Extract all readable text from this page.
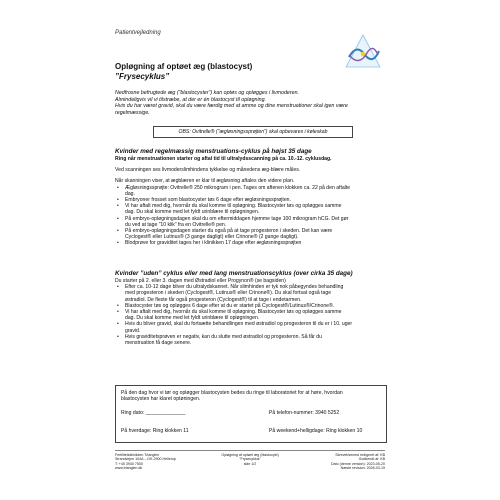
Patientvejledning
Opløgning af optøet æg (blastocyst)
”Frysecyklus”
Nedfrosne befrugtede æg (”blastocyster”) kan optøs og opløgges i livmoderen.
Almindeligvis vil vi tilstræbe, at der er én blastocyst til opløgning.
Hvis du har været gravid, skal du være færdig med at amme og dine menstruationer skal igen være
regelmæssige.
OBS: Ovitrelle® (”ægløsningssprøjten”) skal opbevares i køleskab
Kvinder med regelmæssig menstruations-cyklus på højst 35 dage
Ring når menstruationen starter og aftal tid til ultralydsscanning på ca. 10.-12. cyklusdag.
Ved scanningen ses livmoderslimhindens tykkelse og månedens æg-blære måles.
Når skanningen viser, at ægblæren er klar til ægløsning aftales den videre plan.
• Ægløsningssprøjte: Ovitrelle® 250 mikrogram i pen. Tages om aftenen klokken ca. 22 på den aftalte
dag.
• Embryoner frosset som blastocyster tøs 6 dage efter ægløsningssprøjten.
• Vi har aftalt med dig, hvornår du skal komme til opløgning. Blastocyster tøs og opløgges samme
dag. Du skal komme med let fyldt urinblære til opløgningen.
• På embryo-opløgningsdagen skal du om eftermiddagen hjemme tage 100 mikrogram hCG. Det gør
du ved at tage ”10 klik” fra en Ovitrelle® pen.
• På embryo-opløgningsdagen starter du også på at tage progesteron i skeden. Det kan være
Cyclogest® eller Lutinus® (3 gange dagligt) eller Crinone® (2 gange dagligt).
• Blodprøve for graviditet tages her i klinikken 17 dage efter ægløsningssprøjten
Kvinder ”uden” cyklus eller med lang menstruationscyklus (over cirka 35 dage)
Du starter på 2. eller 3. dagen med Østradiol eller Progynon® (se bagsiden)
• Efter ca. 10-12 dage bliver du ultralydskannet. Når slimhinden er tyk nok påbegyndes behandling
med progesteron i skeden (Cyclogest®, Lutinus® eller Crinone®). Du skal fortsat også tage
østradiol. De fleste får også progesteron (Cyclogest®) til at tage i endetarmen.
• Blastocyster tøs og opløgges 6 dage efter at du er startet på Cyclogest®/Lutinus®/Crinone®.
• Vi har aftalt med dig, hvornår du skal komme til opløgning. Blastocyster tøs og opløgges samme
dag. Du skal komme med let fyldt urinblære til opløgningen.
• Hvis du bliver gravid, skal du fortsætte behandlingen med østradiol og progesteron til du er i 10. uger
gravid.
• Hvis graviditetsprøven er negativ, kan du slutte med østradiol og progesteron. Så får du
menstruation få dage senere.
På den dag hvor vi tør og opløgger blastocysten bedes du ringe til laboratoriet for at høre, hvordan
blastocysten har klaret optøningen.
Ring dato: ______________	På telefon-nummer: 3940 5252
På hverdage: Ring klokken 11	På weekend+helligdage: Ring klokken 10
Fertilitetsklinikken Trianglen
Strandvejen 104A – DK-2900 Hellerup
T: +45 3940 7500
www.trianglen.dk
Opløgning af optøet æg (blastocyst)
”Frysecyklus”
side 1/2
Skrevet/senest redigeret af: KB
Godkendt af: KB
Dato (denne version): 2023-05-20
Næste revision: 2026-03-19
